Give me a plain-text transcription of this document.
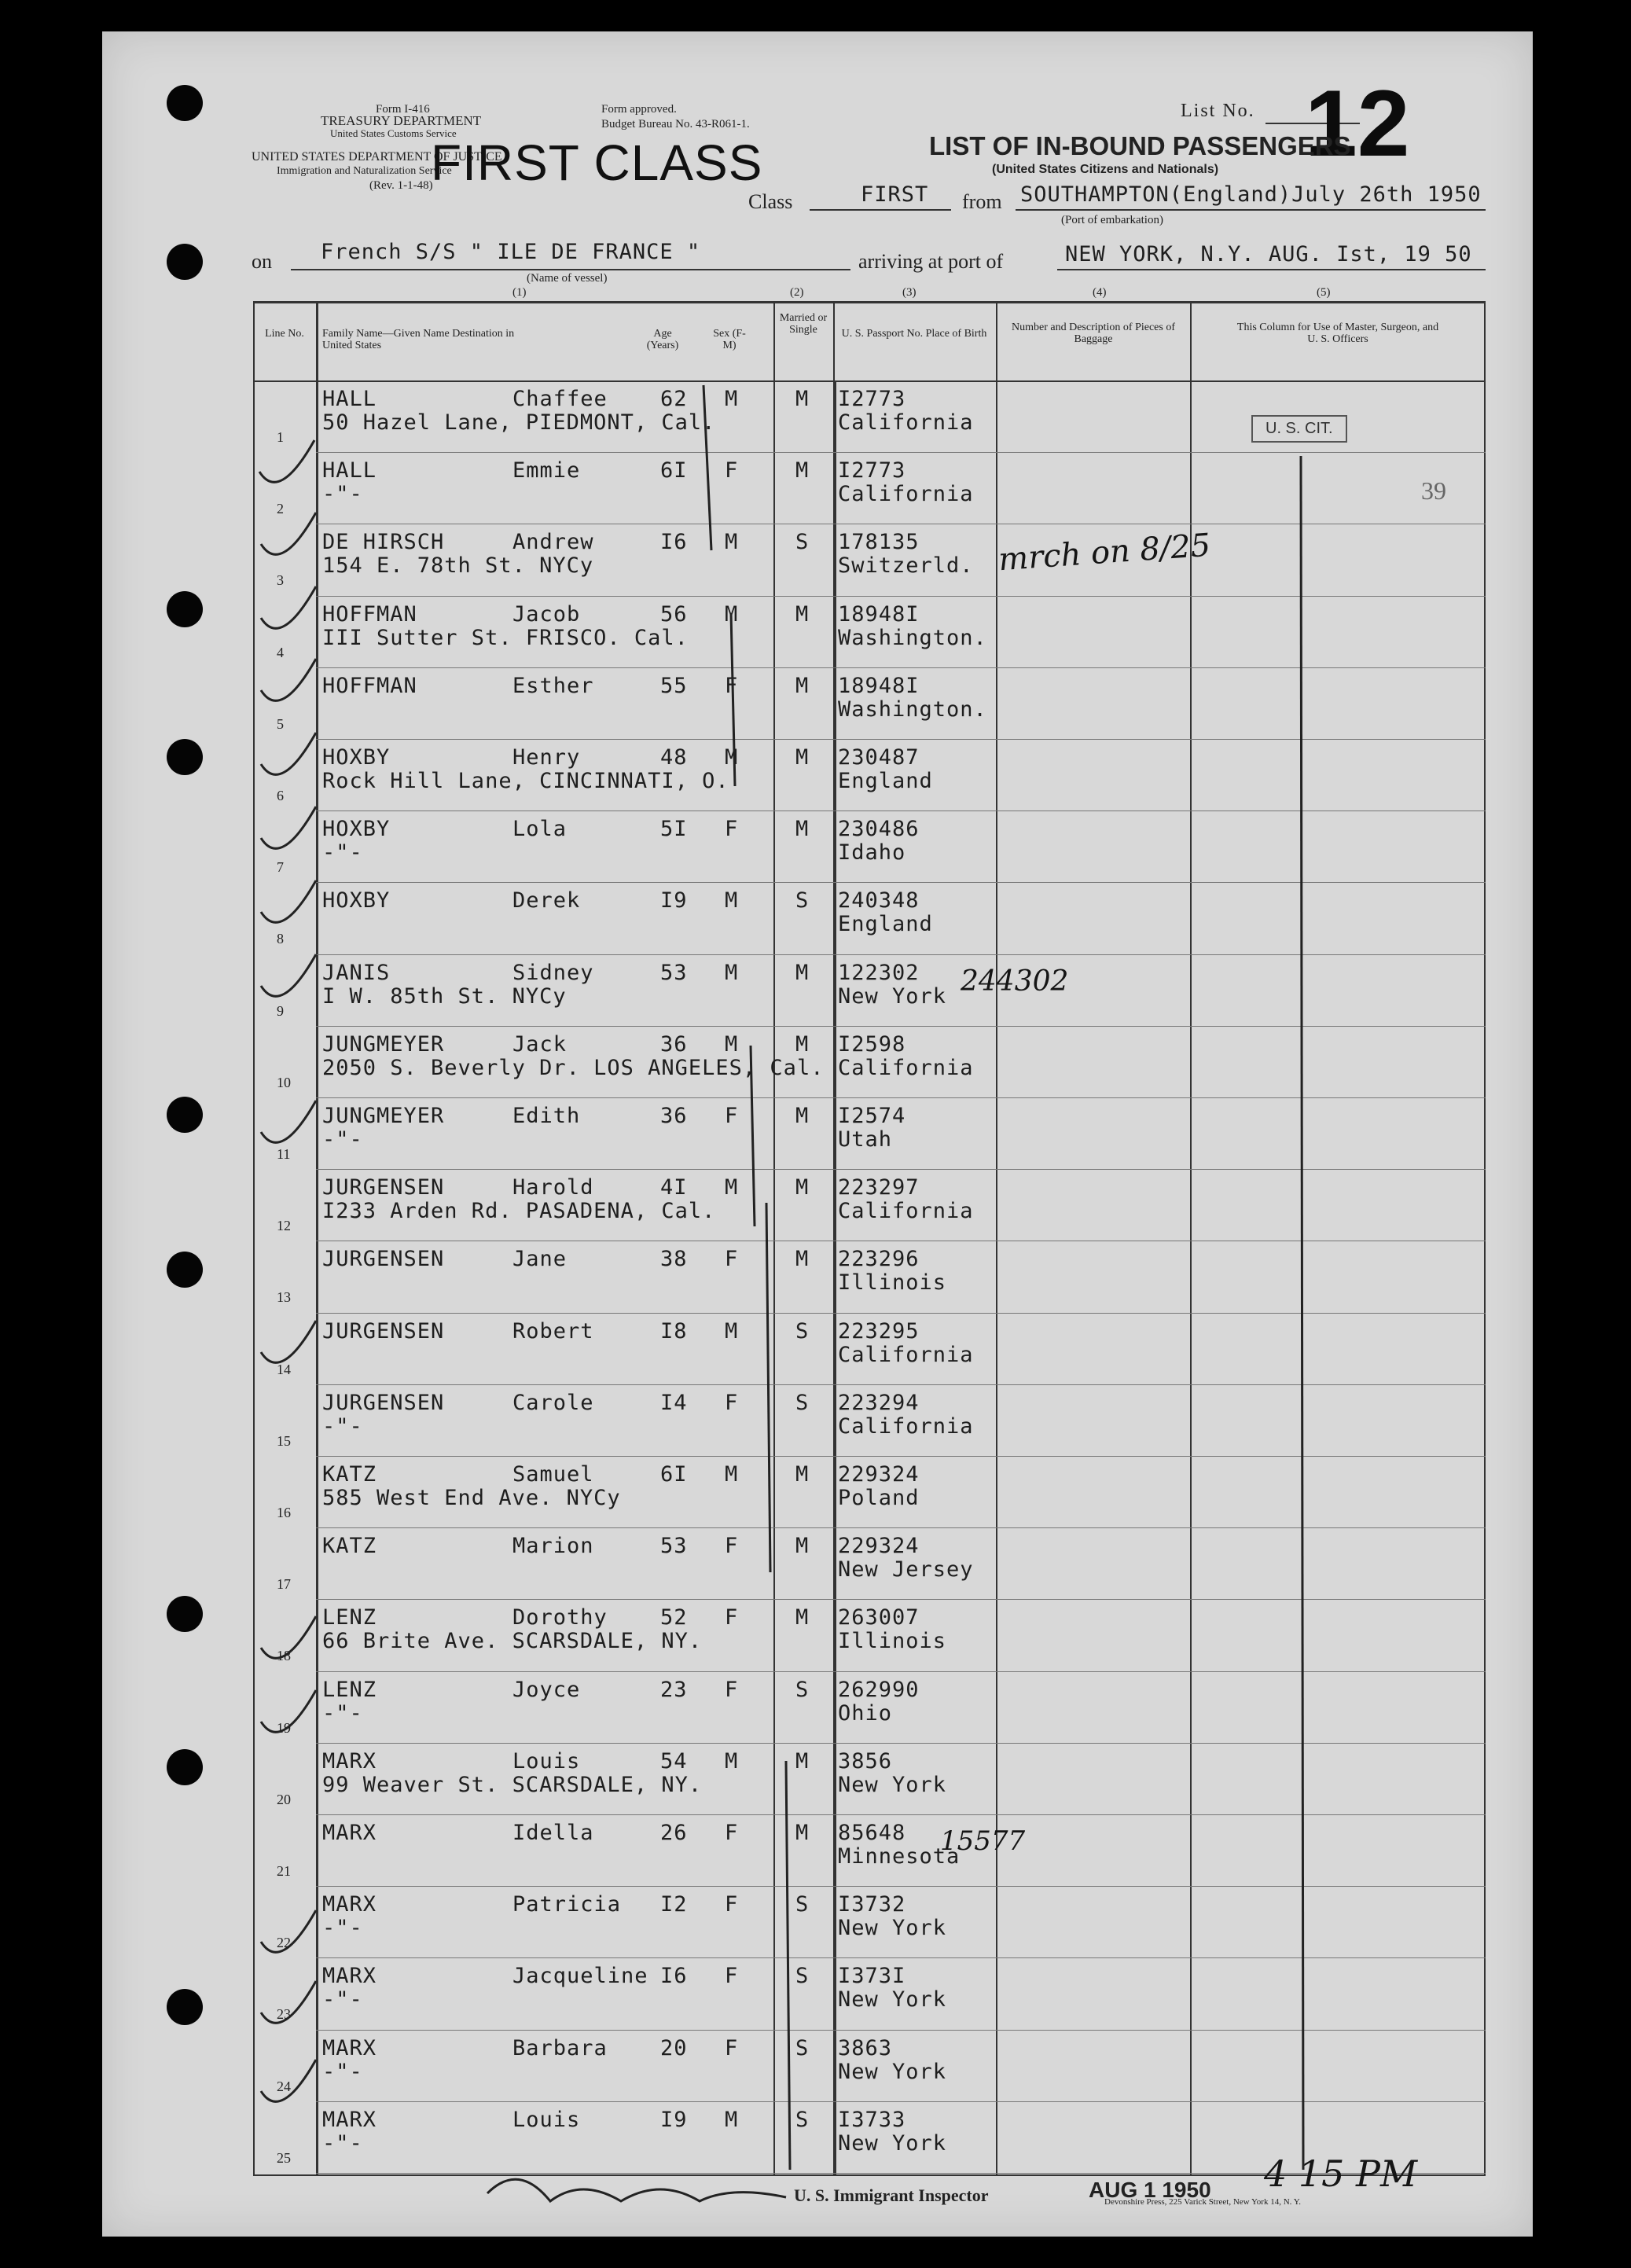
Form I-416
TREASURY DEPARTMENT
United States Customs Service
Form approved.
Budget Bureau No. 43-R061-1.
UNITED STATES DEPARTMENT OF JUSTICE
Immigration and Naturalization Service
(Rev. 1-1-48)
FIRST CLASS
List No. 12
LIST OF IN-BOUND PASSENGERS
(United States Citizens and Nationals)
Class	FIRST from SOUTHAMPTON(England)July 26th 1950
(Port of embarkation)
on French S/S " ILE DE FRANCE "
(Name of vessel)
arriving at port of	NEW YORK, N.Y. AUG. Ist, 19 50
(1)	(2)	(3)	(4)	(5)
Line No.	Family Name—Given Name Destination in United States
Age (Years)
Sex (F-M)
Married or Single	U. S. Passport No. Place of Birth
Number and Description of Pieces of Baggage
This Column for Use of Master, Surgeon, and U. S. Officers
1
HALL	Chaffee 62 M	M I2773
50 Hazel Lane, PIEDMONT, Cal.	California
2
HALL	Emmie	6I F	M I2773
-"-	California
3
DE HIRSCH	Andrew	I6 M	S 178135
154 E. 78th St. NYCy	Switzerld.
4
HOFFMAN	Jacob	56 M	M 18948I
III Sutter St. FRISCO. Cal.	Washington.
5
HOFFMAN	Esther	55 F	M 18948I
Washington.
6
HOXBY	Henry	48 M	M 230487
Rock Hill Lane, CINCINNATI, O.	England
7
HOXBY	Lola	5I F	M 230486
-"-	Idaho
8
HOXBY	Derek	I9 M	S 240348
England
9
JANIS	Sidney	53 M	M 122302
I W. 85th St. NYCy	New York
10
JUNGMEYER	Jack	36 M	M I2598
2050 S. Beverly Dr. LOS ANGELES, Cal. California
11
JUNGMEYER	Edith	36 F	M I2574
-"-	Utah
12
JURGENSEN	Harold	4I M	M 223297
I233 Arden Rd. PASADENA, Cal.	California
13
JURGENSEN	Jane	38 F	M 223296
Illinois
14
JURGENSEN	Robert	I8 M	S 223295
California
15
JURGENSEN	Carole	I4 F	S 223294
-"-	California
16
KATZ	Samuel	6I M	M 229324
585 West End Ave. NYCy	Poland
17
KATZ	Marion	53 F	M 229324
New Jersey
18
LENZ	Dorothy 52 F	M 263007
66 Brite Ave. SCARSDALE, NY.	Illinois
19
LENZ	Joyce	23 F	S 262990
-"-	Ohio
20
MARX	Louis	54 M	M 3856
99 Weaver St. SCARSDALE, NY.	New York
21
MARX	Idella	26 F	M 85648
Minnesota
22
MARX	Patricia I2 F	S I3732
-"-	New York
23
MARX	Jacqueline I6 F	S I373I
-"-	New York
24
MARX	Barbara 20 F	S 3863
-"-	New York
25
MARX	Louis	I9 M	S I3733
-"-	New York
U. S. CIT.
39
mrch on 8/25
244302
15577
U. S. Immigrant Inspector	AUG 1 1950 4 15 PM
Devonshire Press, 225 Varick Street, New York 14, N. Y.
